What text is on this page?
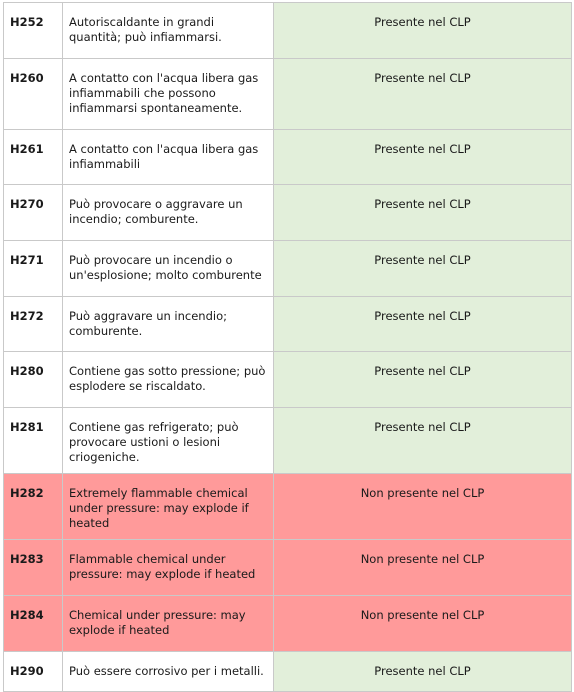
H252	Autoriscaldante in grandi quantità; può infiammarsi.	Presente nel CLP
H260	A contatto con l'acqua libera gas infiammabili che possono infiammarsi spontaneamente.	Presente nel CLP
H261	A contatto con l'acqua libera gas infiammabili	Presente nel CLP
H270	Può provocare o aggravare un incendio; comburente.	Presente nel CLP
H271	Può provocare un incendio o un'esplosione; molto comburente	Presente nel CLP
H272	Può aggravare un incendio; comburente.	Presente nel CLP
H280	Contiene gas sotto pressione; può esplodere se riscaldato.	Presente nel CLP
H281	Contiene gas refrigerato; può provocare ustioni o lesioni criogeniche.	Presente nel CLP
H282	Extremely flammable chemical under pressure: may explode if heated	Non presente nel CLP
H283	Flammable chemical under pressure: may explode if heated	Non presente nel CLP
H284	Chemical under pressure: may explode if heated	Non presente nel CLP
H290	Può essere corrosivo per i metalli.	Presente nel CLP
